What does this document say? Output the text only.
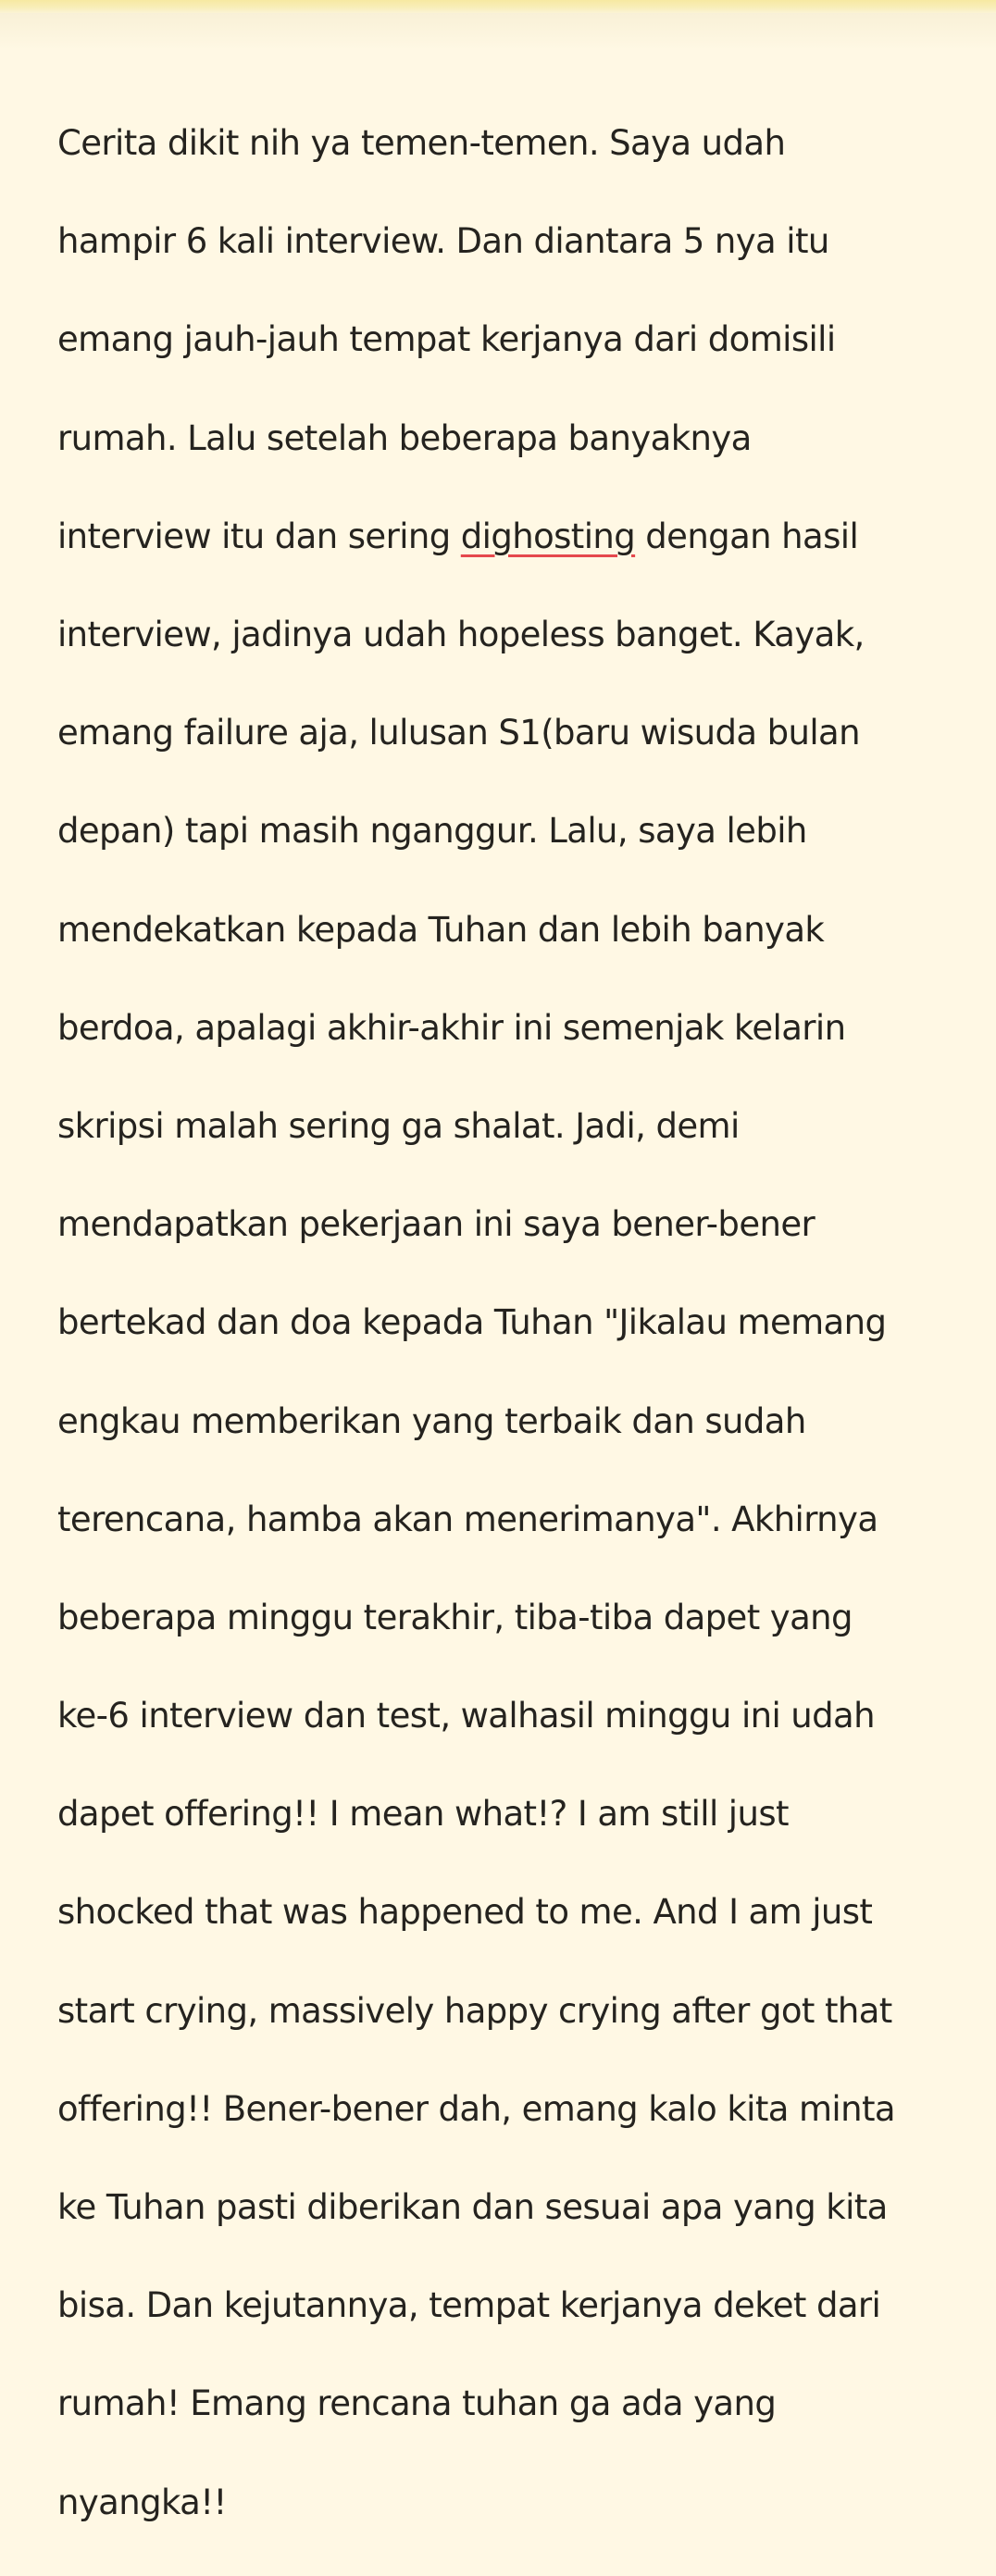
Cerita dikit nih ya temen-temen. Saya udah

hampir 6 kali interview. Dan diantara 5 nya itu

emang jauh-jauh tempat kerjanya dari domisili

rumah. Lalu setelah beberapa banyaknya

interview itu dan sering dighosting dengan hasil

interview, jadinya udah hopeless banget. Kayak,

emang failure aja, lulusan S1(baru wisuda bulan

depan) tapi masih nganggur. Lalu, saya lebih

mendekatkan kepada Tuhan dan lebih banyak

berdoa, apalagi akhir-akhir ini semenjak kelarin

skripsi malah sering ga shalat. Jadi, demi

mendapatkan pekerjaan ini saya bener-bener

bertekad dan doa kepada Tuhan "Jikalau memang

engkau memberikan yang terbaik dan sudah

terencana, hamba akan menerimanya". Akhirnya

beberapa minggu terakhir, tiba-tiba dapet yang

ke-6 interview dan test, walhasil minggu ini udah

dapet offering!! I mean what!? I am still just

shocked that was happened to me. And I am just

start crying, massively happy crying after got that

offering!! Bener-bener dah, emang kalo kita minta

ke Tuhan pasti diberikan dan sesuai apa yang kita

bisa. Dan kejutannya, tempat kerjanya deket dari

rumah! Emang rencana tuhan ga ada yang

nyangka!!
